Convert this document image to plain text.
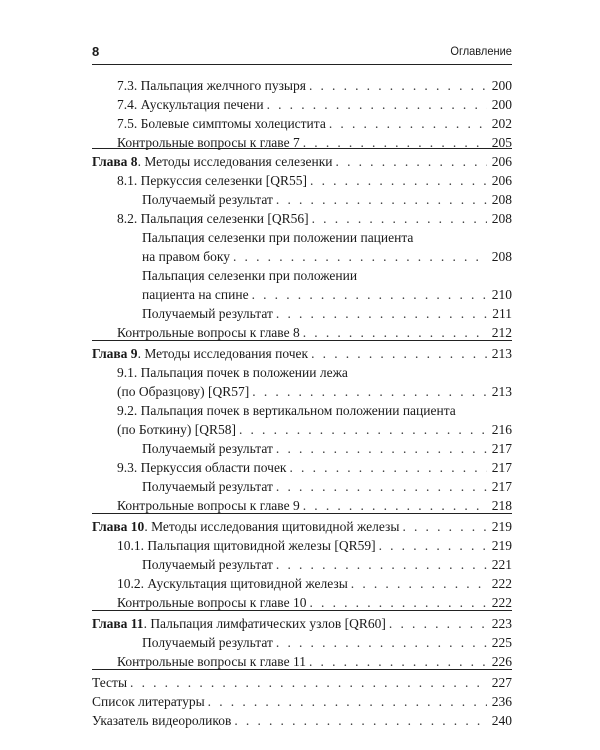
8	Оглавление
7.3. Пальпация желчного пузыря . . .	200
7.4. Аускультация печени . . .	200
7.5. Болевые симптомы холецистита . . .	202
Контрольные вопросы к главе 7 . . .	205
Глава 8. Методы исследования селезенки . . .	206
8.1. Перкуссия селезенки [QR55] . . .	206
Получаемый результат . . .	208
8.2. Пальпация селезенки [QR56] . . .	208
Пальпация селезенки при положении пациента
на правом боку . . .	208
Пальпация селезенки при положении
пациента на спине . . .	210
Получаемый результат . . .	211
Контрольные вопросы к главе 8 . . .	212
Глава 9. Методы исследования почек . . .	213
9.1. Пальпация почек в положении лежа
(по Образцову) [QR57] . . .	213
9.2. Пальпация почек в вертикальном положении пациента
(по Боткину) [QR58] . . .	216
Получаемый результат . . .	217
9.3. Перкуссия области почек . . .	217
Получаемый результат . . .	217
Контрольные вопросы к главе 9 . . .	218
Глава 10. Методы исследования щитовидной железы . . .	219
10.1. Пальпация щитовидной железы [QR59] . . .	219
Получаемый результат . . .	221
10.2. Аускультация щитовидной железы . . .	222
Контрольные вопросы к главе 10 . . .	222
Глава 11. Пальпация лимфатических узлов [QR60] . . .	223
Получаемый результат . . .	225
Контрольные вопросы к главе 11 . . .	226
Тесты . . .	227
Список литературы . . .	236
Указатель видеороликов . . .	240
